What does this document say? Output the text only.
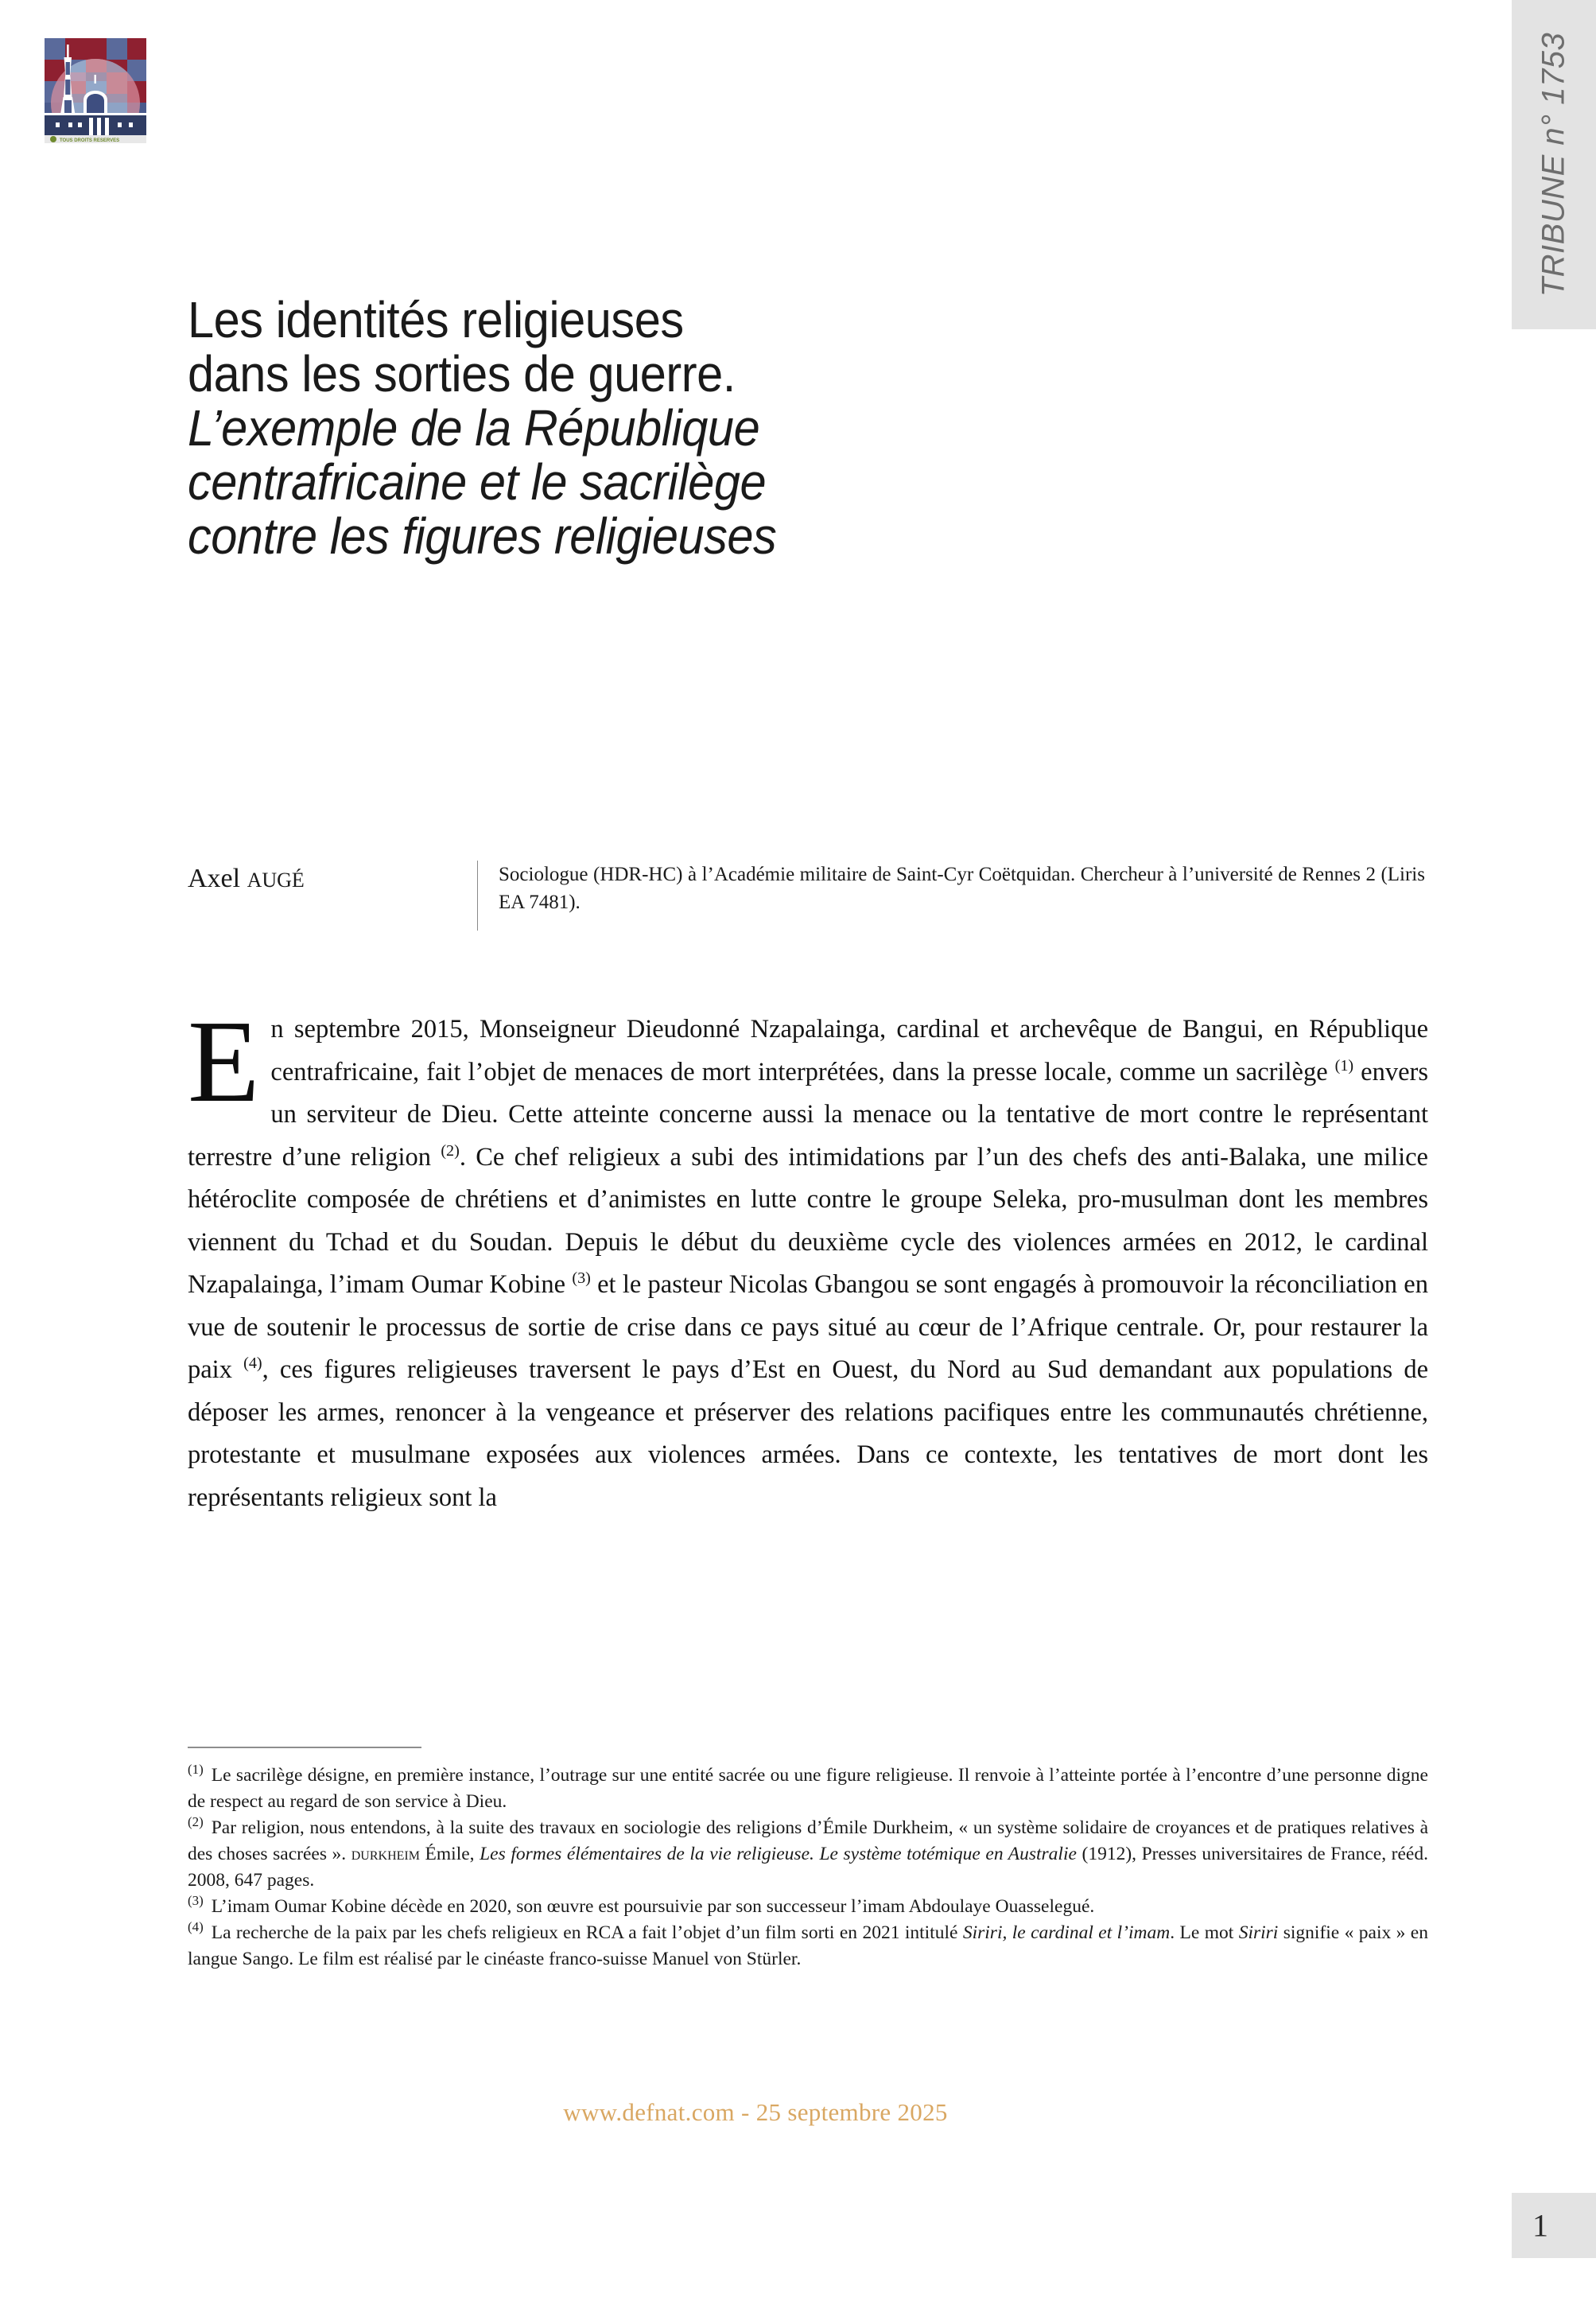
TOUS DROITS RESERVES	TRIBUNE n° 1753
Les identités religieuses
dans les sorties de guerre.
L’exemple de la République
centrafricaine et le sacrilège
contre les figures religieuses
Axel augé	Sociologue (HDR-HC) à l’Académie militaire de Saint-Cyr Coëtquidan. Chercheur à l’université de Rennes 2 (Liris EA 7481).

En septembre 2015, Monseigneur Dieudonné Nzapalainga, cardinal et archevêque de Bangui, en République centrafricaine, fait l’objet de menaces de mort interprétées, dans la presse locale, comme un sacrilège $^{(1)}$ envers un serviteur de Dieu. Cette atteinte concerne aussi la menace ou la tentative de mort contre le représentant terrestre d’une religion $^{(2)}$. Ce chef religieux a subi des intimidations par l’un des chefs des anti-Balaka, une milice hétéroclite composée de chrétiens et d’animistes en lutte contre le groupe Seleka, pro-musulman dont les membres viennent du Tchad et du Soudan. Depuis le début du deuxième cycle des violences armées en 2012, le cardinal Nzapalainga, l’imam Oumar Kobine $^{(3)}$ et le pasteur Nicolas Gbangou se sont engagés à promouvoir la réconciliation en vue de soutenir le processus de sortie de crise dans ce pays situé au cœur de l’Afrique centrale. Or, pour restaurer la paix $^{(4)}$, ces figures religieuses traversent le pays d’Est en Ouest, du Nord au Sud demandant aux populations de déposer les armes, renoncer à la vengeance et préserver des relations pacifiques entre les communautés chrétienne, protestante et musulmane exposées aux violences armées. Dans ce contexte, les tentatives de mort dont les représentants religieux sont la

$^{(1)}$ Le sacrilège désigne, en première instance, l’outrage sur une entité sacrée ou une figure religieuse. Il renvoie à l’atteinte portée à l’encontre d’une personne digne de respect au regard de son service à Dieu.
$^{(2)}$ Par religion, nous entendons, à la suite des travaux en sociologie des religions d’Émile Durkheim, « un système solidaire de croyances et de pratiques relatives à des choses sacrées ». durkheim Émile, Les formes élémentaires de la vie religieuse. Le système totémique en Australie (1912), Presses universitaires de France, rééd. 2008, 647 pages.
$^{(3)}$ L’imam Oumar Kobine décède en 2020, son œuvre est poursuivie par son successeur l’imam Abdoulaye Ouasselegué.
$^{(4)}$ La recherche de la paix par les chefs religieux en RCA a fait l’objet d’un film sorti en 2021 intitulé Siriri, le cardinal et l’imam. Le mot Siriri signifie « paix » en langue Sango. Le film est réalisé par le cinéaste franco-suisse Manuel von Stürler.
www.defnat.com - 25 septembre 2025
1
